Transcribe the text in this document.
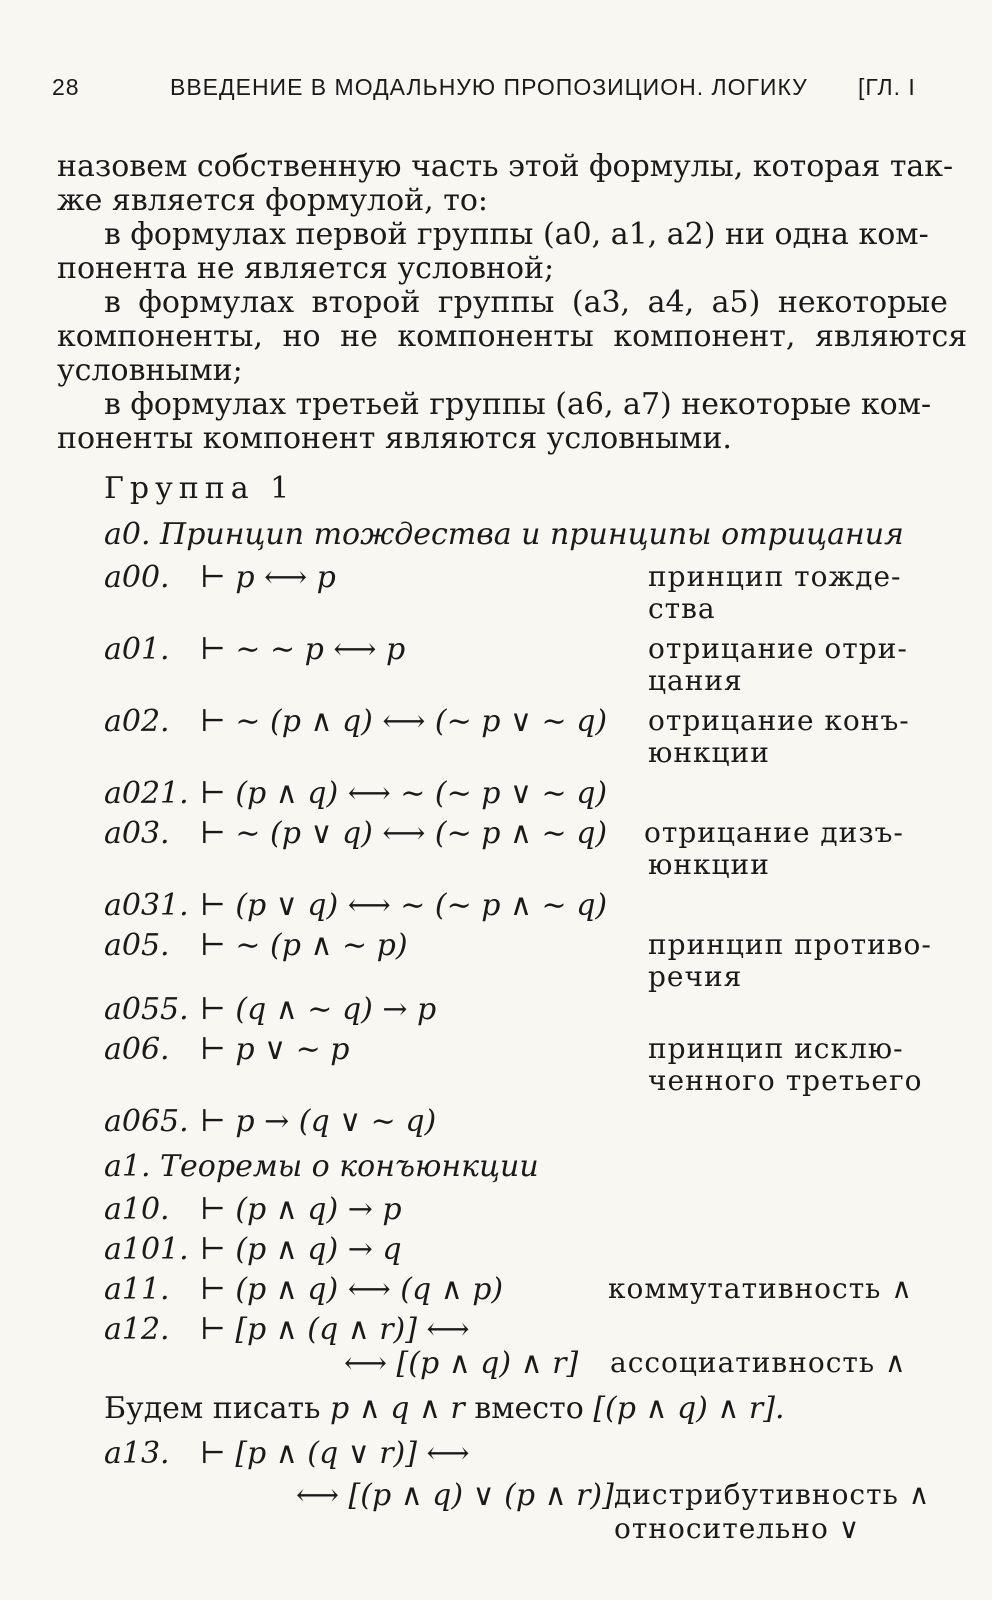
28	ВВЕДЕНИЕ В МОДАЛЬНУЮ ПРОПОЗИЦИОН. ЛОГИКУ [ГЛ. I
назовем собственную часть этой формулы, которая так-
же является формулой, то:
в формулах первой группы (a0, a1, a2) ни одна ком-
понента не является условной;
в формулах второй группы (a3, a4, a5) некоторые
компоненты, но не компоненты компонент, являются
условными;
в формулах третьей группы (a6, a7) некоторые ком-
поненты компонент являются условными.
Группа 1
a0. Принцип тождества и принципы отрицания
a00. ⊢ p ⟷ p	принцип тожде-
ства
a01. ⊢ ∼ ∼ p ⟷ p	отрицание отри-
цания
a02. ⊢ ∼ (p ∧ q) ⟷ (∼ p ∨ ∼ q) отрицание конъ-
юнкции
a021. ⊢ (p ∧ q) ⟷ ∼ (∼ p ∨ ∼ q)
a03. ⊢ ∼ (p ∨ q) ⟷ (∼ p ∧ ∼ q) отрицание дизъ-
юнкции
a031. ⊢ (p ∨ q) ⟷ ∼ (∼ p ∧ ∼ q)
a05. ⊢ ∼ (p ∧ ∼ p)	принцип противо-
речия
a055. ⊢ (q ∧ ∼ q) → p
a06. ⊢ p ∨ ∼ p	принцип исклю-
ченного третьего
a065. ⊢ p → (q ∨ ∼ q)
a1. Теоремы о конъюнкции
a10. ⊢ (p ∧ q) → p
a101. ⊢ (p ∧ q) → q
a11. ⊢ (p ∧ q) ⟷ (q ∧ p)	коммутативность ∧
a12. ⊢ [p ∧ (q ∧ r)] ⟷
⟷ [(p ∧ q) ∧ r] ассоциативность ∧
Будем писать p ∧ q ∧ r вместо [(p ∧ q) ∧ r].
a13. ⊢ [p ∧ (q ∨ r)] ⟷
⟷ [(p ∧ q) ∨ (p ∧ r)] дистрибутивность ∧
относительно ∨
